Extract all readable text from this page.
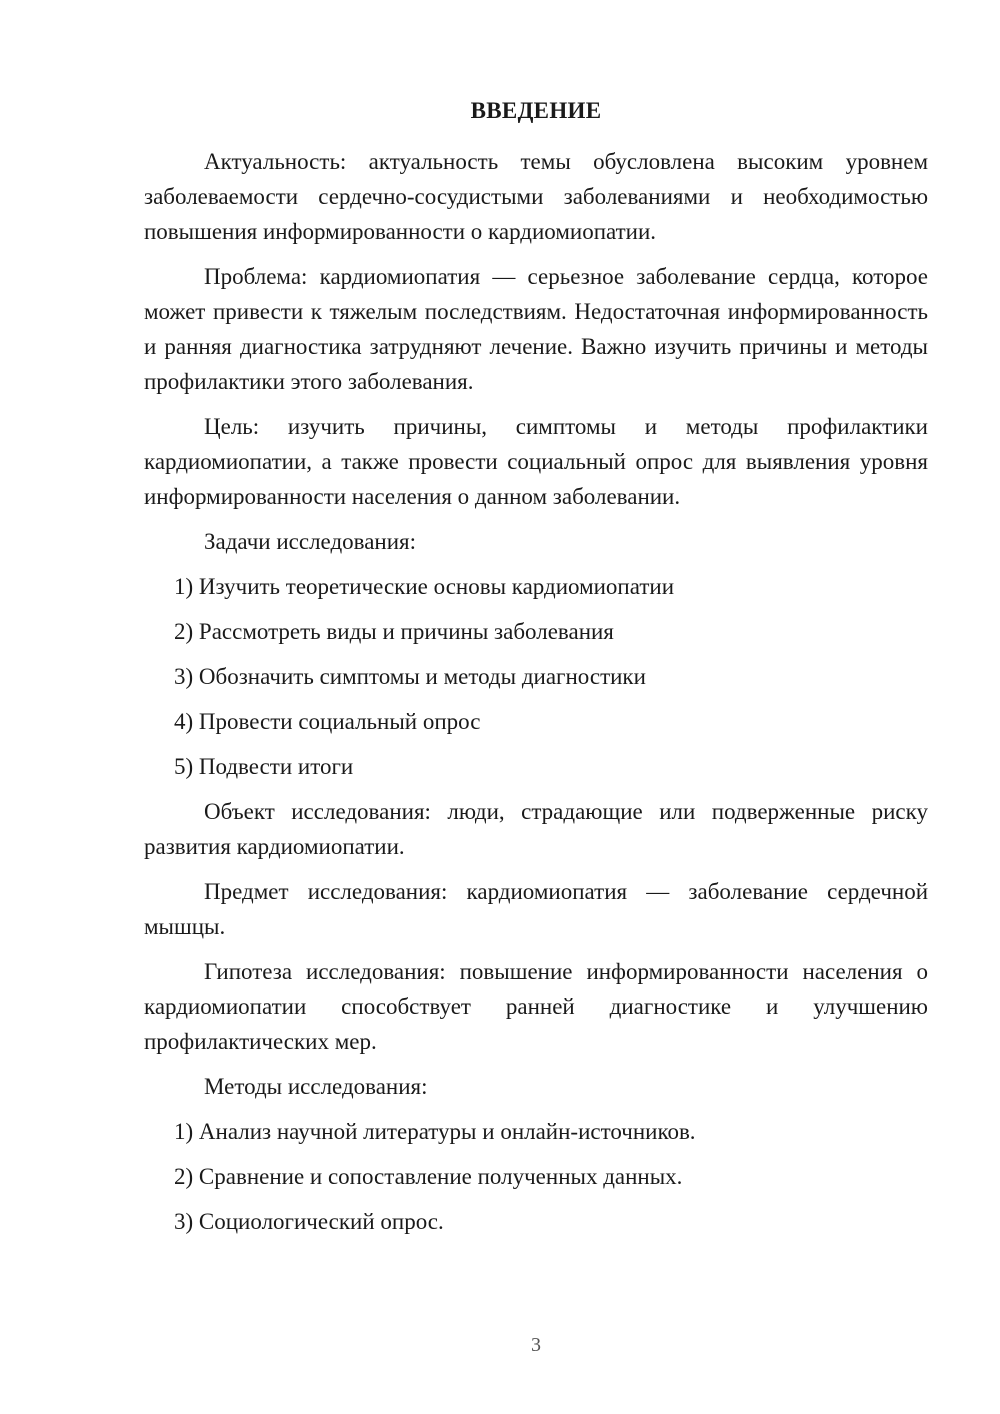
ВВЕДЕНИЕ

Актуальность: актуальность темы обусловлена высоким уровнем заболеваемости сердечно-сосудистыми заболеваниями и необходимостью повышения информированности о кардиомиопатии.

Проблема: кардиомиопатия — серьезное заболевание сердца, которое может привести к тяжелым последствиям. Недостаточная информированность и ранняя диагностика затрудняют лечение. Важно изучить причины и методы профилактики этого заболевания.

Цель: изучить причины, симптомы и методы профилактики кардиомиопатии, а также провести социальный опрос для выявления уровня информированности населения о данном заболевании.

Задачи исследования:

1) Изучить теоретические основы кардиомиопатии

2) Рассмотреть виды и причины заболевания

3) Обозначить симптомы и методы диагностики

4) Провести социальный опрос

5) Подвести итоги

Объект исследования: люди, страдающие или подверженные риску развития кардиомиопатии.

Предмет исследования: кардиомиопатия — заболевание сердечной мышцы.

Гипотеза исследования: повышение информированности населения о кардиомиопатии способствует ранней диагностике и улучшению профилактических мер.

Методы исследования:

1) Анализ научной литературы и онлайн-источников.

2) Сравнение и сопоставление полученных данных.

3) Социологический опрос.

3
